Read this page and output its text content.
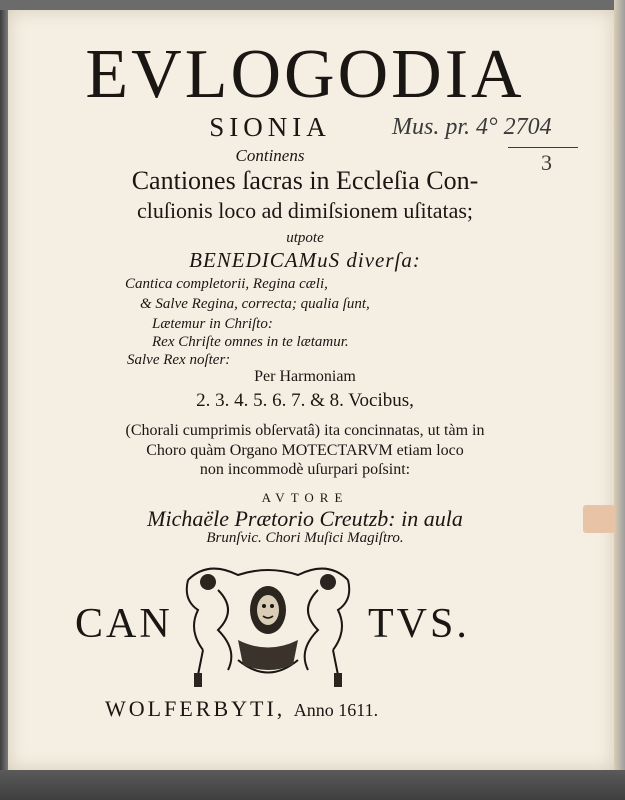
EVLOGODIA
SIONIA	Mus. pr. 4° 2704
3
Continens
Cantiones ſacras in Eccleſia Con-
cluſionis loco ad dimiſsionem uſitatas;
utpote
BENEDICAMuS diverſa:
Cantica completorii, Regina cæli,
& Salve Regina, correcta; qualia ſunt,
Lætemur in Chriſto:
Rex Chriſte omnes in te lætamur.
Salve Rex noſter:
Per Harmoniam
2. 3. 4. 5. 6. 7. & 8. Vocibus,
(Chorali cumprimis obſervatâ) ita concinnatas, ut tàm in
Choro quàm Organo MOTECTARVM etiam loco
non incommodè uſurpari poſsint:
AVTORE
Michaële Prætorio Creutzb: in aula
Brunſvic. Chori Muſici Magiſtro.
CAN	TVS.
WOLFERBYTI, Anno 1611.
